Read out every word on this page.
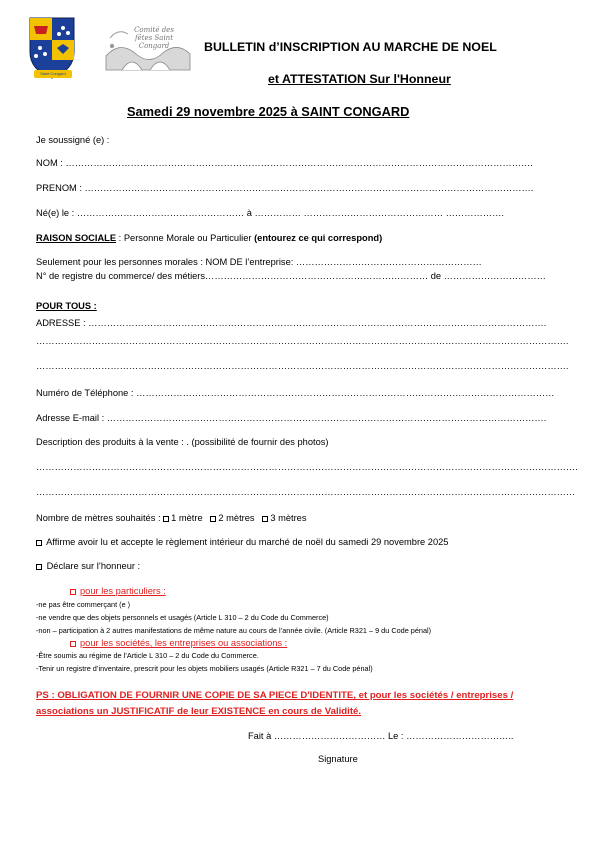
Saint Congard
Comité des fêtes Saint Congard	BULLETIN d’INSCRIPTION AU MARCHE DE NOEL
et ATTESTATION Sur l'Honneur
Samedi 29 novembre 2025 à SAINT CONGARD
Je soussigné (e) :
NOM : …………………………………………………………………………………………………………………………………….
PRENOM : ……………………………………………………………………………………………………………………………….
Né(e) le : ……………………………………………… à …………… ……………………………………… ……………….
RAISON SOCIALE : Personne Morale ou Particulier (entourez ce qui correspond)
Seulement pour les personnes morales : NOM DE l’entreprise: ……………………………………………………
N° de registre du commerce/ des métiers……………………………………………………………… de ……………………………
POUR TOUS :
ADRESSE : ………………………………………………………………………………………………………………………………….
……………………………………………………………………………………………………………………………………………………….
……………………………………………………………………………………………………………………………………………………….
Numéro de Téléphone : ………………………………………………………………………………………………………………………
Adresse E-mail : …………………………………………………………………………………………………………………………….
Description des produits à la vente : . (possibilité de fournir des photos)
………………………………………………………………………………………………………………………………………………………….
…………………………………………………………………………………………………………………………………………………………
Nombre de mètres souhaités : 1 mètre 2 mètres 3 mètres
Affirme avoir lu et accepte le règlement intérieur du marché de noël du samedi 29 novembre 2025
Déclare sur l’honneur :
pour les particuliers :
-ne pas être commerçant (e )
-ne vendre que des objets personnels et usagés (Article L 310 – 2 du Code du Commerce)
-non – participation à 2 autres manifestations de même nature au cours de l’année civile. (Article R321 – 9 du Code pénal)
pour les sociétés, les entreprises ou associations :
-Être soumis au régime de l’Article L 310 – 2 du Code du Commerce.
-Tenir un registre d’inventaire, prescrit pour les objets mobiliers usagés (Article R321 – 7 du Code pénal)
PS : OBLIGATION DE FOURNIR UNE COPIE DE SA PIECE D'IDENTITE, et pour les sociétés / entreprises /
associations un JUSTIFICATIF de leur EXISTENCE en cours de Validité.
Fait à ……………………………… Le : ……………………………..
Signature
